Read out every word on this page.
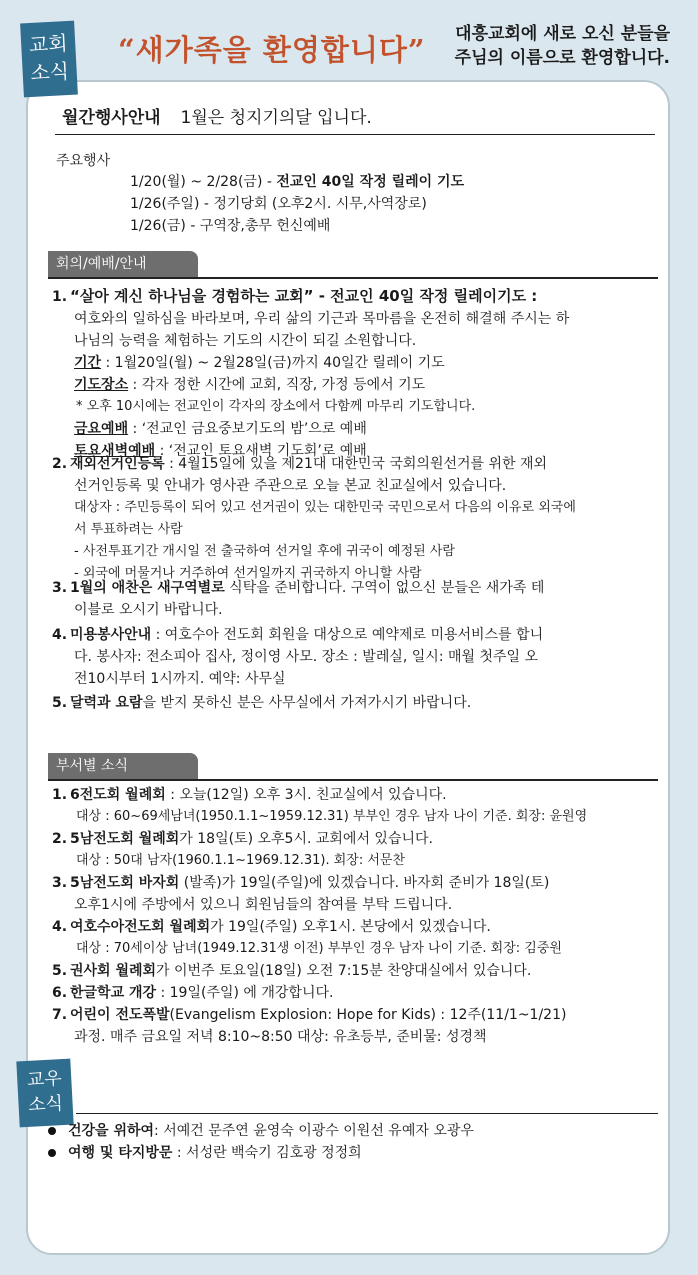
교회
소식
“새가족을 환영합니다”	대흥교회에 새로 오신 분들을
주님의 이름으로 환영합니다.
월간행사안내 1월은 청지기의달 입니다.
주요행사
1/20(월) ~ 2/28(금) - 전교인 40일 작정 릴레이 기도
1/26(주일) - 정기당회 (오후2시. 시무,사역장로)
1/26(금) - 구역장,총무 헌신예배
회의/예배/안내
1. “살아 계신 하나님을 경험하는 교회” - 전교인 40일 작정 릴레이기도 :
여호와의 일하심을 바라보며, 우리 삶의 기근과 목마름을 온전히 해결해 주시는 하
나님의 능력을 체험하는 기도의 시간이 되길 소원합니다.
기간 : 1월20일(월) ~ 2월28일(금)까지 40일간 릴레이 기도
기도장소 : 각자 정한 시간에 교회, 직장, 가정 등에서 기도
* 오후 10시에는 전교인이 각자의 장소에서 다함께 마무리 기도합니다.
금요예배 : ‘전교인 금요중보기도의 밤’으로 예배
토요새벽예배 : ‘전교인 토요새벽 기도회’로 예배
2. 재외선거인등록 : 4월15일에 있을 제21대 대한민국 국회의원선거를 위한 재외
선거인등록 및 안내가 영사관 주관으로 오늘 본교 친교실에서 있습니다.
대상자 : 주민등록이 되어 있고 선거권이 있는 대한민국 국민으로서 다음의 이유로 외국에
서 투표하려는 사람
- 사전투표기간 개시일 전 출국하여 선거일 후에 귀국이 예정된 사람
- 외국에 머물거나 거주하여 선거일까지 귀국하지 아니할 사람
3. 1월의 애찬은 새구역별로 식탁을 준비합니다. 구역이 없으신 분들은 새가족 테
이블로 오시기 바랍니다.
4. 미용봉사안내 : 여호수아 전도회 회원을 대상으로 예약제로 미용서비스를 합니
다. 봉사자: 전소피아 집사, 정이영 사모. 장소 : 발레실, 일시: 매월 첫주일 오
전10시부터 1시까지. 예약: 사무실
5. 달력과 요람을 받지 못하신 분은 사무실에서 가져가시기 바랍니다.
부서별 소식
1. 6전도회 월례회 : 오늘(12일) 오후 3시. 친교실에서 있습니다.
대상 : 60~69세남녀(1950.1.1~1959.12.31) 부부인 경우 남자 나이 기준. 회장: 윤원영
2. 5남전도회 월례회가 18일(토) 오후5시. 교회에서 있습니다.
대상 : 50대 남자(1960.1.1~1969.12.31). 회장: 서문찬
3. 5남전도회 바자회 (발족)가 19일(주일)에 있겠습니다. 바자회 준비가 18일(토)
오후1시에 주방에서 있으니 회원님들의 참여를 부탁 드립니다.
4. 여호수아전도회 월례회가 19일(주일) 오후1시. 본당에서 있겠습니다.
대상 : 70세이상 남녀(1949.12.31생 이전) 부부인 경우 남자 나이 기준. 회장: 김중원
5. 권사회 월례회가 이번주 토요일(18일) 오전 7:15분 찬양대실에서 있습니다.
6. 한글학교 개강 : 19일(주일) 에 개강합니다.
7. 어린이 전도폭발(Evangelism Explosion: Hope for Kids) : 12주(11/1~1/21)
과정. 매주 금요일 저녁 8:10~8:50 대상: 유초등부, 준비물: 성경책
교우
소식
건강을 위하여: 서예건 문주연 윤영숙 이광수 이원선 유예자 오광우
여행 및 타지방문 : 서성란 백숙기 김호광 정정희
